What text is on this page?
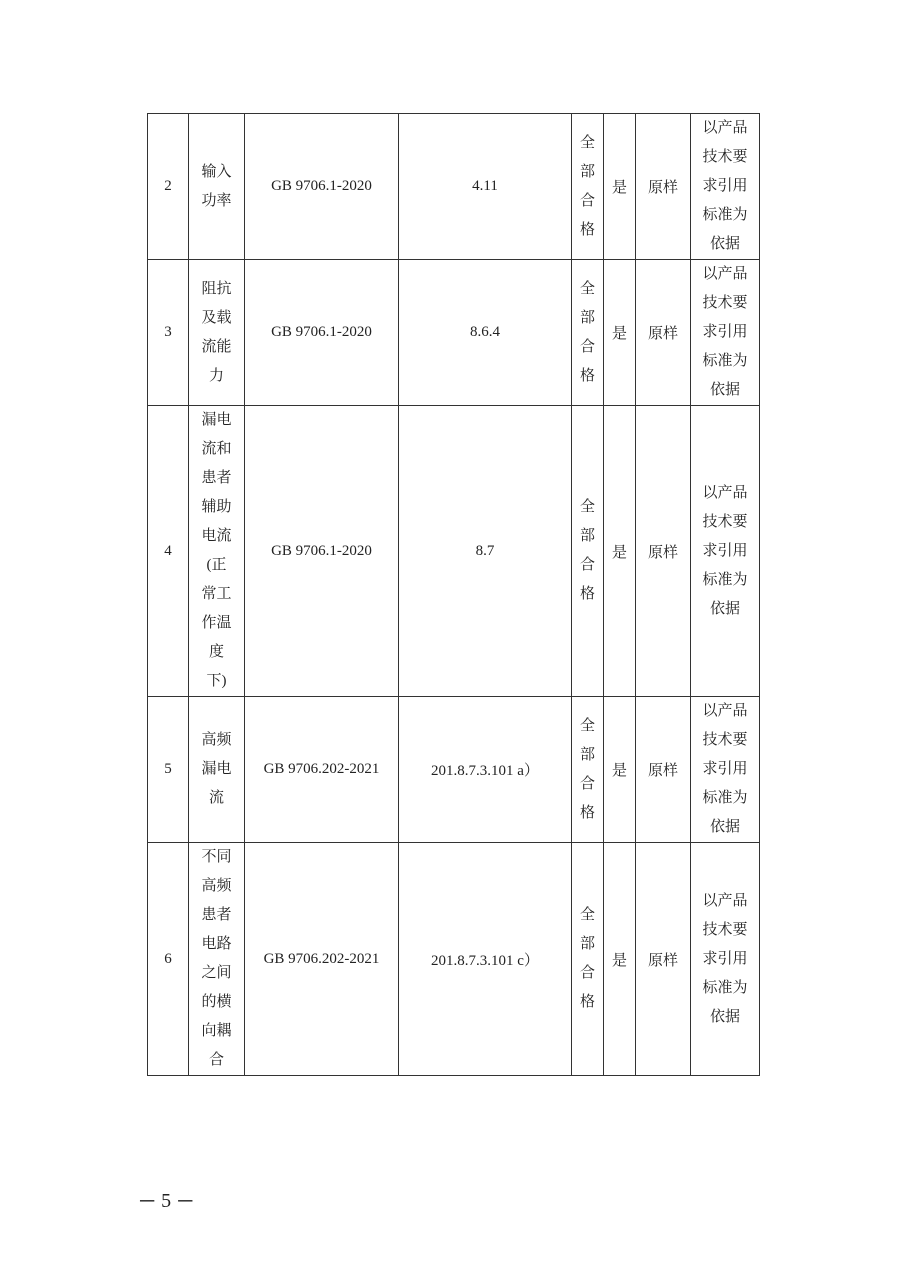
2	输入功率	GB 9706.1-2020	4.11	全部合格	是	原样	以产品技术要求引用标准为依据
3	阻抗及载流能力	GB 9706.1-2020	8.6.4	全部合格	是	原样	以产品技术要求引用标准为依据
4	漏电流和患者辅助电流(正常工作温度下)	GB 9706.1-2020	8.7	全部合格	是	原样	以产品技术要求引用标准为依据
5	高频漏电流	GB 9706.202-2021	201.8.7.3.101 a）	全部合格	是	原样	以产品技术要求引用标准为依据
6	不同高频患者电路之间的横向耦合	GB 9706.202-2021	201.8.7.3.101 c）	全部合格	是	原样	以产品技术要求引用标准为依据
─ 5 ─
